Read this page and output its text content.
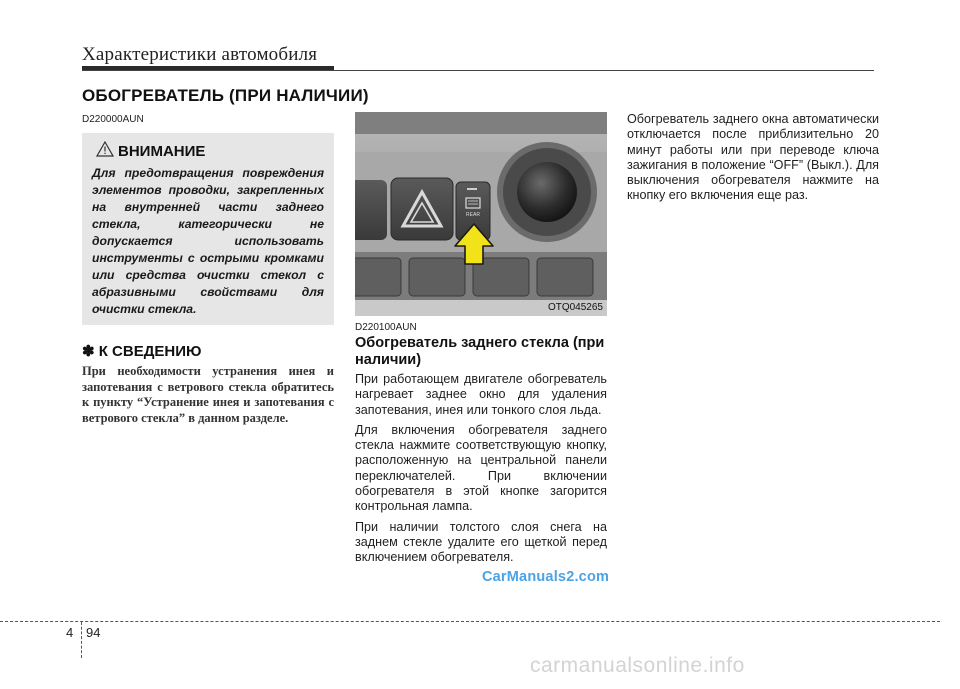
Характеристики автомобиля
ОБОГРЕВАТЕЛЬ (ПРИ НАЛИЧИИ)
D220000AUN
ВНИМАНИЕ
Для предотвращения повреждения элементов проводки, закрепленных на внутренней части заднего стекла, категорически не допускается использовать инструменты с острыми кромками или средства очистки стекол с абразивными свойствами для очистки стекла.
✽ К СВЕДЕНИЮ
При необходимости устранения инея и запотевания с ветрового стекла обратитесь к пункту “Устранение инея и запотевания с ветрового стекла” в данном разделе.
REAR
OTQ045265
D220100AUN
Обогреватель заднего стекла (при наличии)

При работающем двигателе обогреватель нагревает заднее окно для удаления запотевания, инея или тонкого слоя льда.

Для включения обогревателя заднего стекла нажмите соответствующую кнопку, расположенную на центральной панели переключателей. При включении обогревателя в этой кнопке загорится контрольная лампа.

При наличии толстого слоя снега на заднем стекле удалите его щеткой перед включением обогревателя.

Обогреватель заднего окна автоматически отключается после приблизительно 20 минут работы или при переводе ключа зажигания в положение “OFF” (Выкл.). Для выключения обогревателя нажмите на кнопку его включения еще раз.

CarManuals2.com
4 94
carmanualsonline.info
